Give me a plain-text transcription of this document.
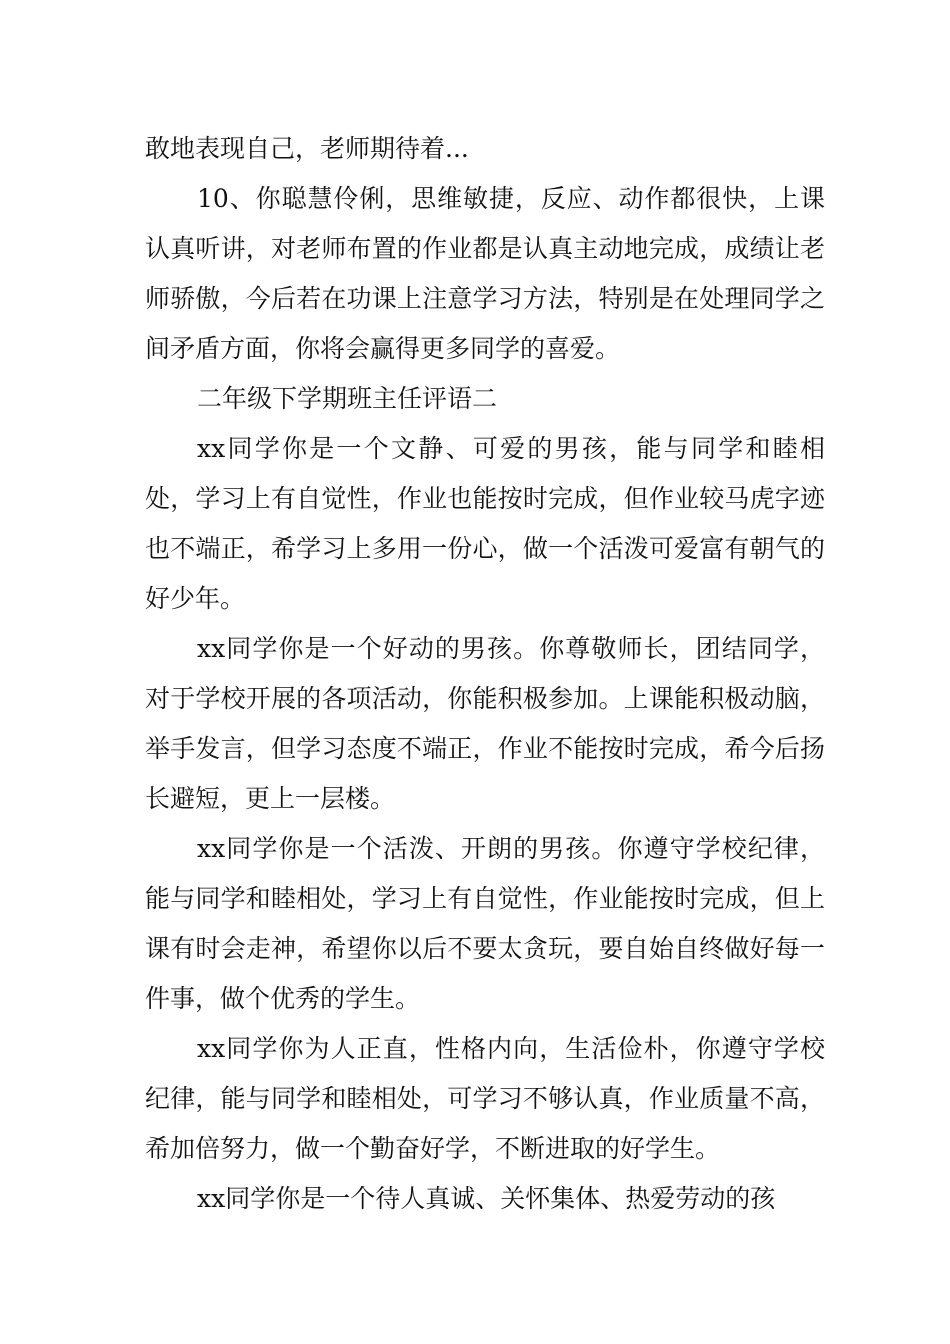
敢地表现自己，老师期待着...

10、你聪慧伶俐，思维敏捷，反应、动作都很快，上课认真听讲，对老师布置的作业都是认真主动地完成，成绩让老师骄傲，今后若在功课上注意学习方法，特别是在处理同学之间矛盾方面，你将会赢得更多同学的喜爱。

二年级下学期班主任评语二

xx同学你是一个文静、可爱的男孩，能与同学和睦相处，学习上有自觉性，作业也能按时完成，但作业较马虎字迹也不端正，希学习上多用一份心，做一个活泼可爱富有朝气的好少年。

xx同学你是一个好动的男孩。你尊敬师长，团结同学，对于学校开展的各项活动，你能积极参加。上课能积极动脑，举手发言，但学习态度不端正，作业不能按时完成，希今后扬长避短，更上一层楼。

xx同学你是一个活泼、开朗的男孩。你遵守学校纪律，能与同学和睦相处，学习上有自觉性，作业能按时完成，但上课有时会走神，希望你以后不要太贪玩，要自始自终做好每一件事，做个优秀的学生。

xx同学你为人正直，性格内向，生活俭朴，你遵守学校纪律，能与同学和睦相处，可学习不够认真，作业质量不高，希加倍努力，做一个勤奋好学，不断进取的好学生。

xx同学你是一个待人真诚、关怀集体、热爱劳动的孩
